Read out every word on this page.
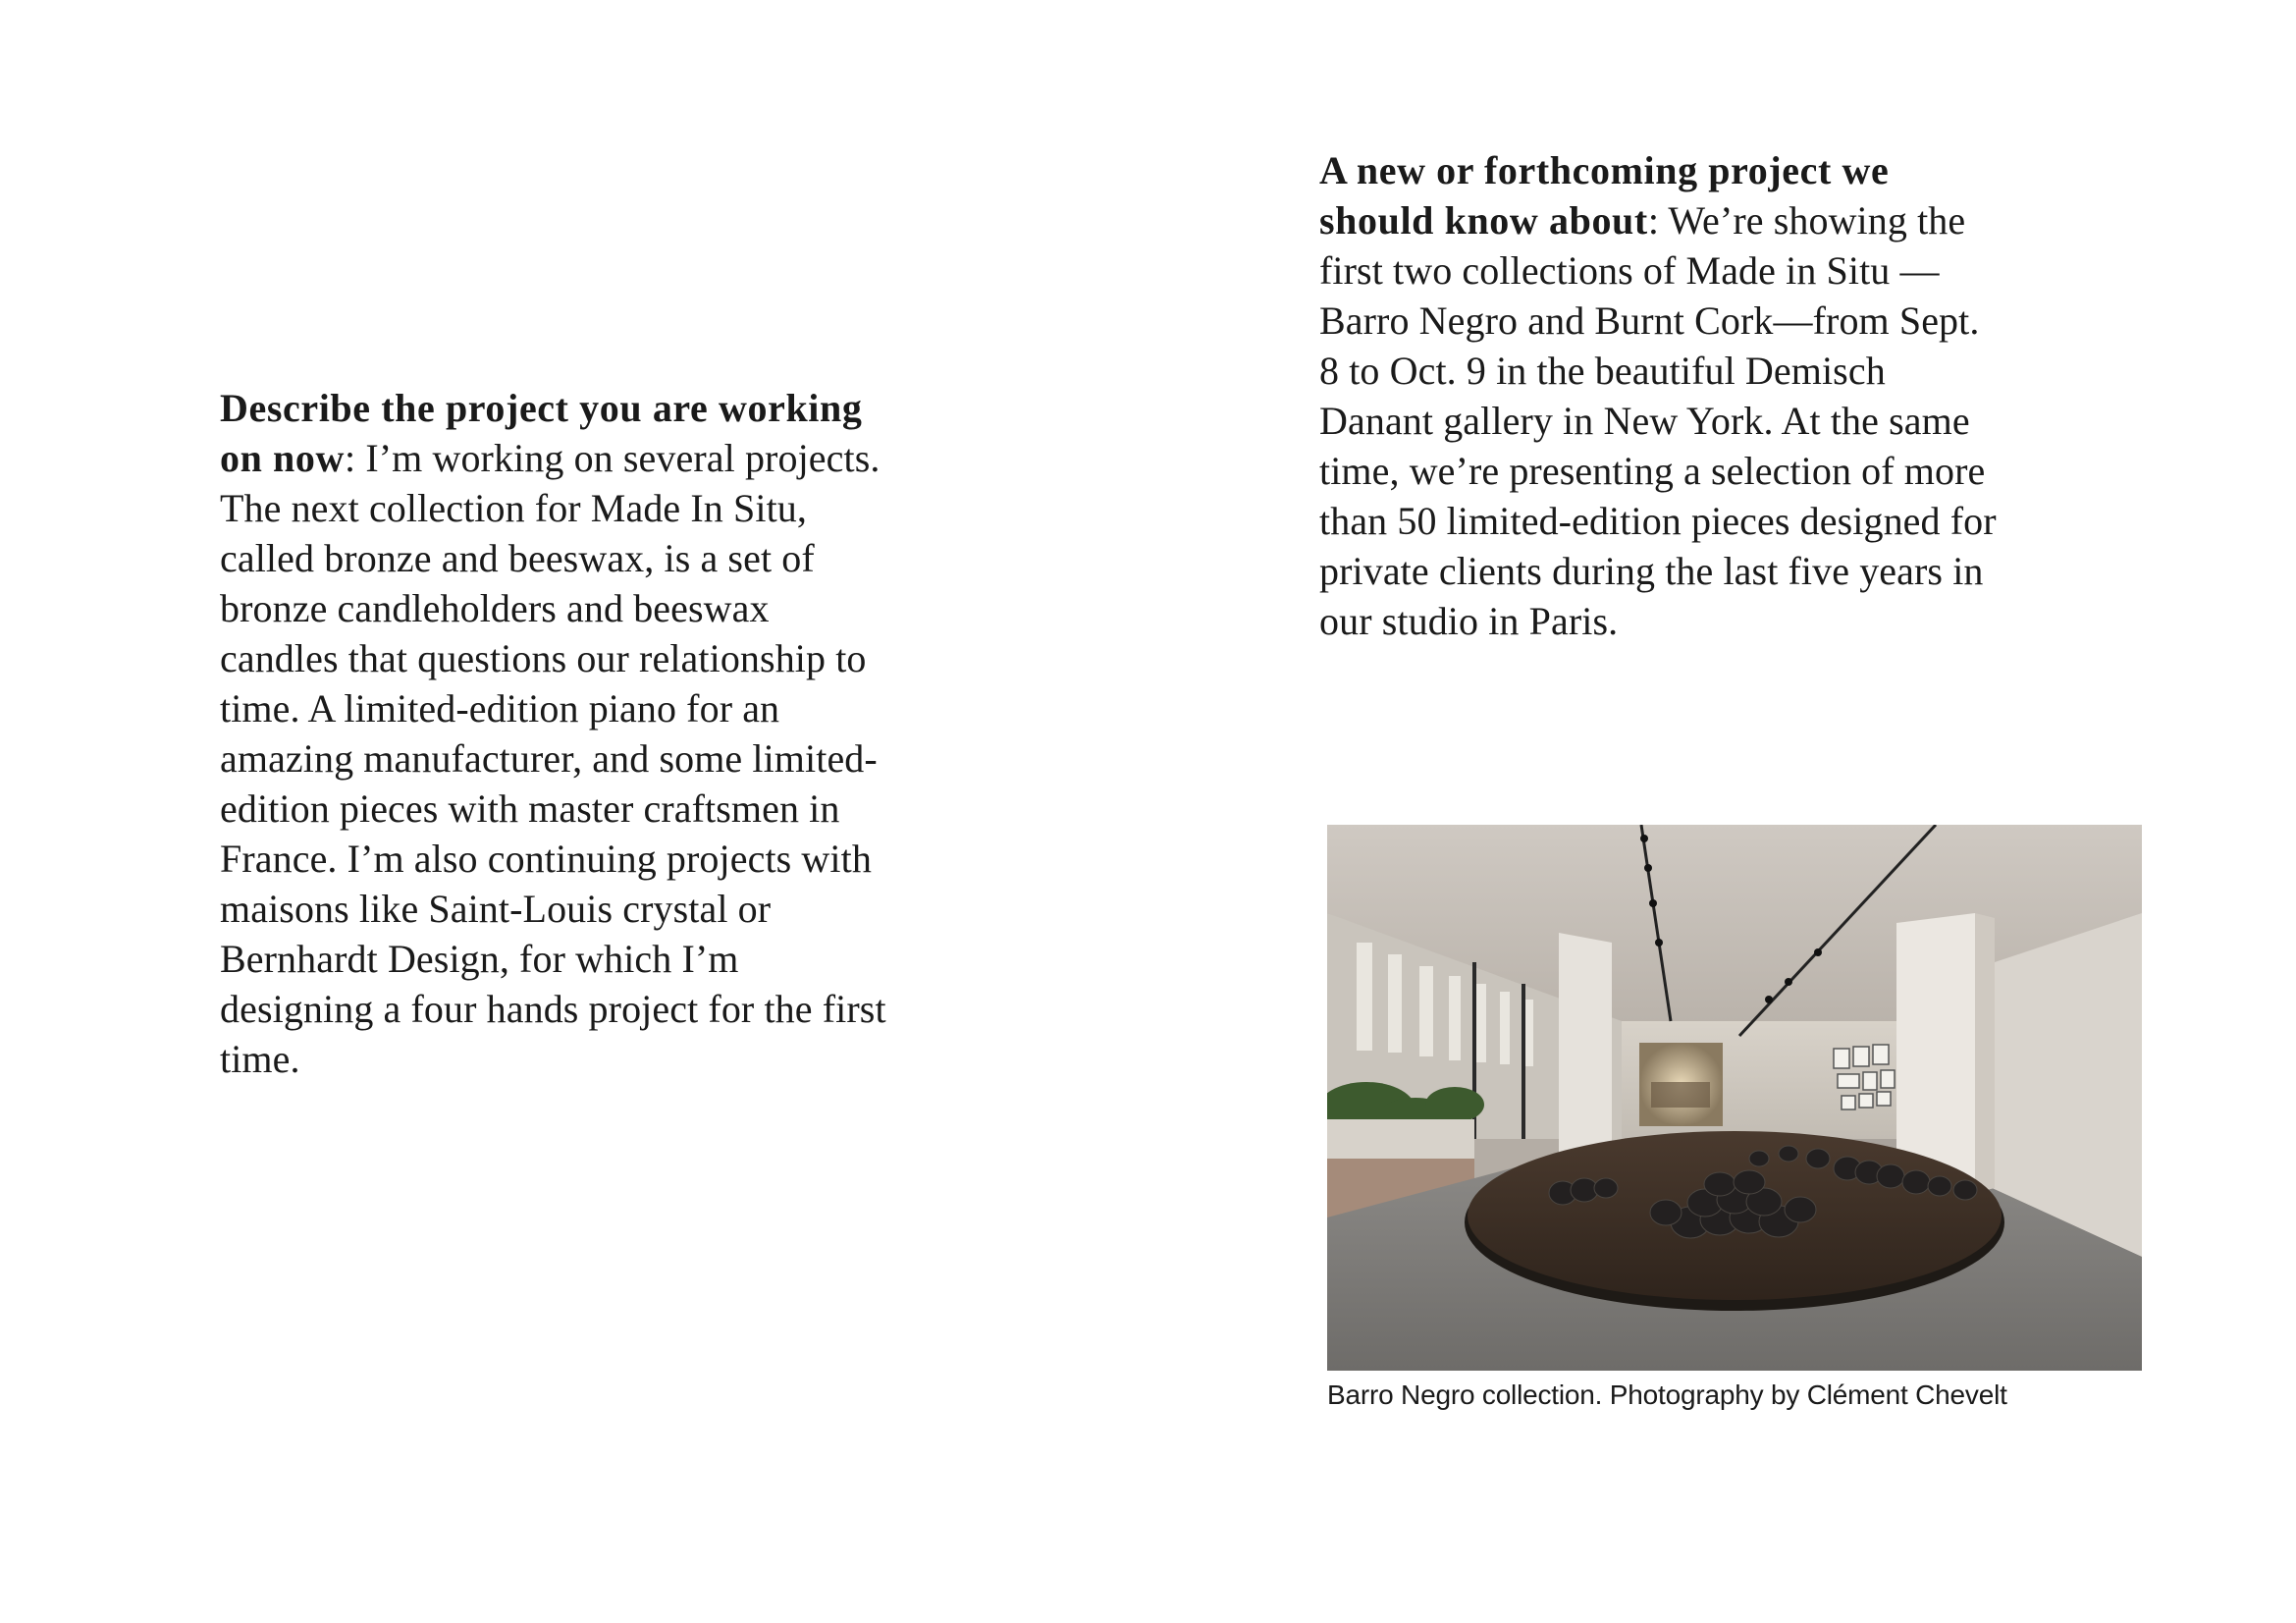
Describe the project you are working on now: I’m working on several projects. The next collection for Made In Situ, called bronze and beeswax, is a set of bronze candleholders and beeswax candles that questions our relationship to time. A limited-edition piano for an amazing manufacturer, and some limited-edition pieces with master craftsmen in France. I’m also continuing projects with maisons like Saint-Louis crystal or Bernhardt Design, for which I’m designing a four hands project for the first time.

A new or forthcoming project we should know about: We’re showing the first two collections of Made in Situ —Barro Negro and Burnt Cork—from Sept. 8 to Oct. 9 in the beautiful Demisch Danant gallery in New York. At the same time, we’re presenting a selection of more than 50 limited-edition pieces designed for private clients during the last five years in our studio in Paris.

Barro Negro collection. Photography by Clément Chevelt
